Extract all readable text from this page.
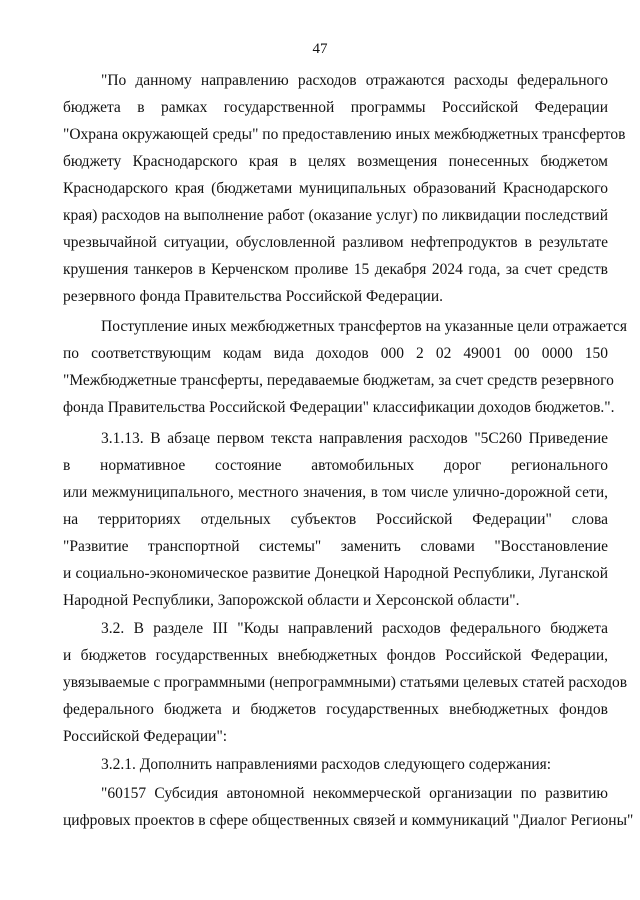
47
"По данному направлению расходов отражаются расходы федерального
бюджета в рамках государственной программы Российской Федерации
"Охрана окружающей среды" по предоставлению иных межбюджетных трансфертов
бюджету Краснодарского края в целях возмещения понесенных бюджетом
Краснодарского края (бюджетами муниципальных образований Краснодарского
края) расходов на выполнение работ (оказание услуг) по ликвидации последствий
чрезвычайной ситуации, обусловленной разливом нефтепродуктов в результате
крушения танкеров в Керченском проливе 15 декабря 2024 года, за счет средств
резервного фонда Правительства Российской Федерации.
Поступление иных межбюджетных трансфертов на указанные цели отражается
по соответствующим кодам вида доходов 000 2 02 49001 00 0000 150
"Межбюджетные трансферты, передаваемые бюджетам, за счет средств резервного
фонда Правительства Российской Федерации" классификации доходов бюджетов.".
3.1.13. В абзаце первом текста направления расходов "5С260 Приведение
в нормативное состояние автомобильных дорог регионального
или межмуниципального, местного значения, в том числе улично-дорожной сети,
на территориях отдельных субъектов Российской Федерации" слова
"Развитие транспортной системы" заменить словами "Восстановление
и социально-экономическое развитие Донецкой Народной Республики, Луганской
Народной Республики, Запорожской области и Херсонской области".
3.2. В разделе III "Коды направлений расходов федерального бюджета
и бюджетов государственных внебюджетных фондов Российской Федерации,
увязываемые с программными (непрограммными) статьями целевых статей расходов
федерального бюджета и бюджетов государственных внебюджетных фондов
Российской Федерации":
3.2.1. Дополнить направлениями расходов следующего содержания:
"60157 Субсидия автономной некоммерческой организации по развитию
цифровых проектов в сфере общественных связей и коммуникаций "Диалог Регионы"
